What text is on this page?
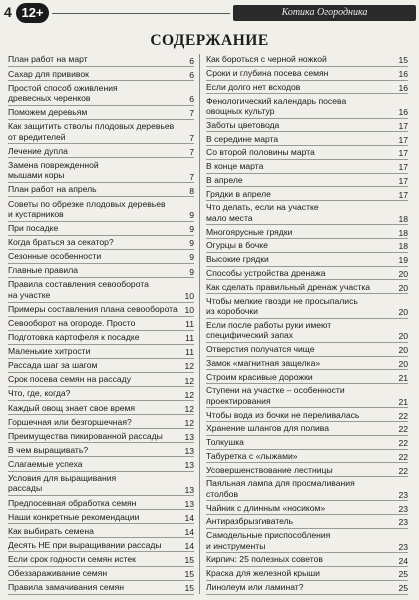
4 12+	Котика Огородника
СОДЕРЖАНИЕ
План работ на март	6
Сахар для прививок	6
Простой способ оживления
древесных черенков	6
Поможем деревьям	7
Как защитить стволы плодовых деревьев
от вредителей	7
Лечение дупла	7
Замена поврежденной
мышами коры	7
План работ на апрель	8
Советы по обрезке плодовых деревьев
и кустарников	9
При посадке	9
Когда браться за секатор?	9
Сезонные особенности	9
Главные правила	9
Правила составления севооборота
на участке	10
Примеры составления плана севооборота 10
Севооборот на огороде. Просто	11
Подготовка картофеля к посадке	11
Маленькие хитрости	11
Рассада шаг за шагом	12
Срок посева семян на рассаду	12
Что, где, когда?	12
Каждый овощ знает свое время	12
Горшечная или безгоршечная?	12
Преимущества пикированной рассады	13
В чем выращивать?	13
Слагаемые успеха	13
Условия для выращивания
рассады	13
Предпосевная обработка семян	13
Наши конкретные рекомендации	14
Как выбирать семена	14
Десять НЕ при выращивании рассады	14
Если срок годности семян истек	15
Обеззараживание семян	15
Правила замачивания семян	15
Как бороться с черной ножкой	15
Сроки и глубина посева семян	16
Если долго нет всходов	16
Фенологический календарь посева
овощных культур	16
Заботы цветовода	17
В середине марта	17
Со второй половины марта	17
В конце марта	17
В апреле	17
Грядки в апреле	17
Что делать, если на участке
мало места	18
Многоярусные грядки	18
Огурцы в бочке	18
Высокие грядки	19
Способы устройства дренажа	20
Как сделать правильный дренаж участка	20
Чтобы мелкие гвозди не просыпались
из коробочки	20
Если после работы руки имеют
специфический запах	20
Отверстия получатся чище	20
Замок «магнитная защелка»	20
Строим красивые дорожки	21
Ступени на участке – особенности
проектирования	21
Чтобы вода из бочки не переливалась	22
Хранение шлангов для полива	22
Толкушка	22
Табуретка с «лыжами»	22
Усовершенствование лестницы	22
Паяльная лампа для просмаливания
столбов	23
Чайник с длинным «носиком»	23
Антиразбрызгиватель	23
Самодельные приспособления
и инструменты	23
Кирпич: 25 полезных советов	24
Краска для железной крыши	25
Линолеум или ламинат?	25
